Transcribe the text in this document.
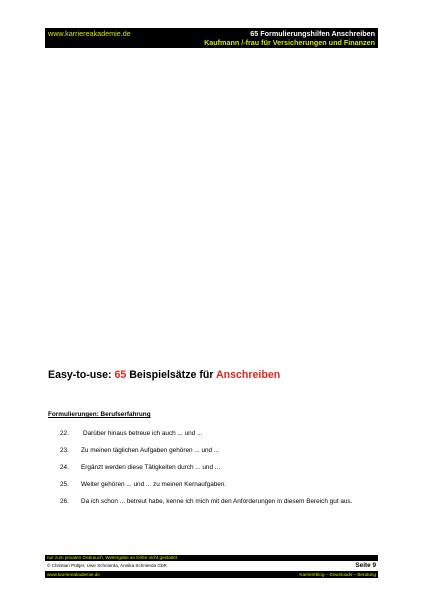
www.karriereakademie.de	65 Formulierungshilfen Anschreiben
Kaufmann /-frau für Versicherungen und Finanzen
Easy-to-use: 65 Beispielsätze für Anschreiben
Formulierungen: Berufserfahrung
22.	Darüber hinaus betreue ich auch ... und ...
23.	Zu meinen täglichen Aufgaben gehören ... und ...
24.	Ergänzt werden diese Tätigkeiten durch ... und ...
25.	Weiter gehören ... und ... zu meinen Kernaufgaben.
26.	Da ich schon ... betreut habe, kenne ich mich mit den Anforderungen in diesem Bereich gut aus.
nur zum privaten Gebrauch, Weitergabe an Dritte nicht gestattet
© Christian Püttjer, Uwe Schnierda, Annika Schnierda GbR	Seite 9
www.karriereakademie.de	Karriereblog – Downloads – Beratung
